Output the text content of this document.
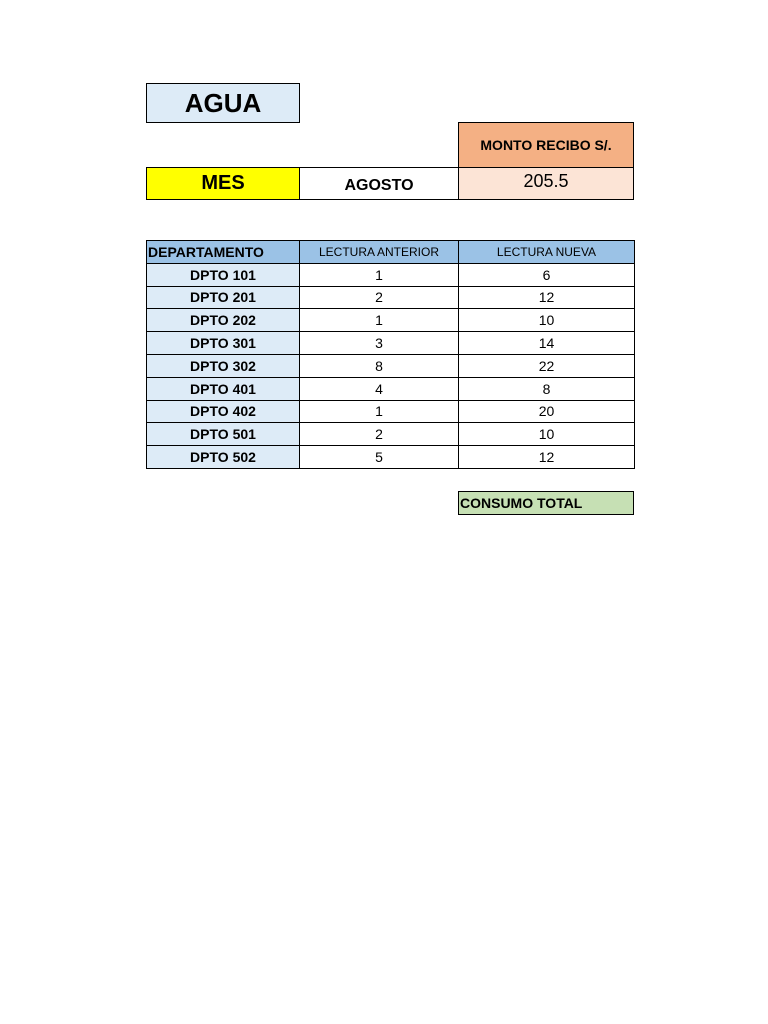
AGUA
MONTO RECIBO S/.
MES	AGOSTO	205.5
DEPARTAMENTO	LECTURA ANTERIOR	LECTURA NUEVA
DPTO 101	1	6
DPTO 201	2	12
DPTO 202	1	10
DPTO 301	3	14
DPTO 302	8	22
DPTO 401	4	8
DPTO 402	1	20
DPTO 501	2	10
DPTO 502	5	12
CONSUMO TOTAL
